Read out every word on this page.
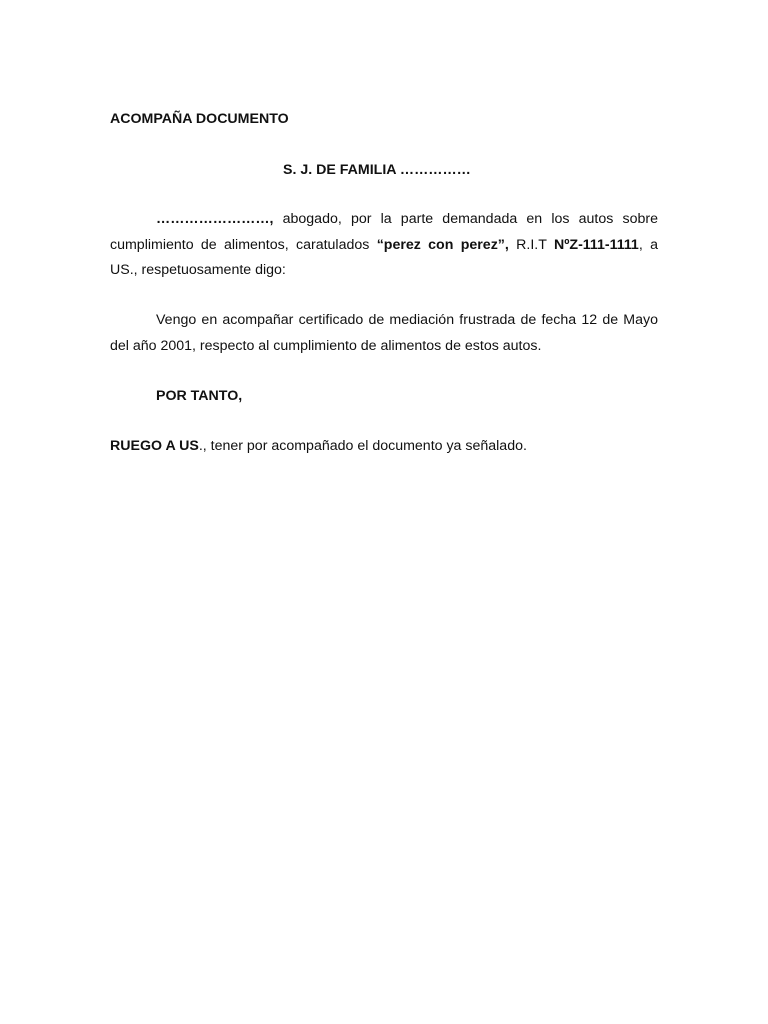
ACOMPAÑA DOCUMENTO
S. J. DE FAMILIA ……………
……………………, abogado, por la parte demandada en los autos sobre cumplimiento de alimentos, caratulados “perez con perez”, R.I.T NºZ-111-1111, a US., respetuosamente digo:
Vengo en acompañar certificado de mediación frustrada de fecha 12 de Mayo del año 2001, respecto al cumplimiento de alimentos de estos autos.
POR TANTO,
RUEGO A US., tener por acompañado el documento ya señalado.
